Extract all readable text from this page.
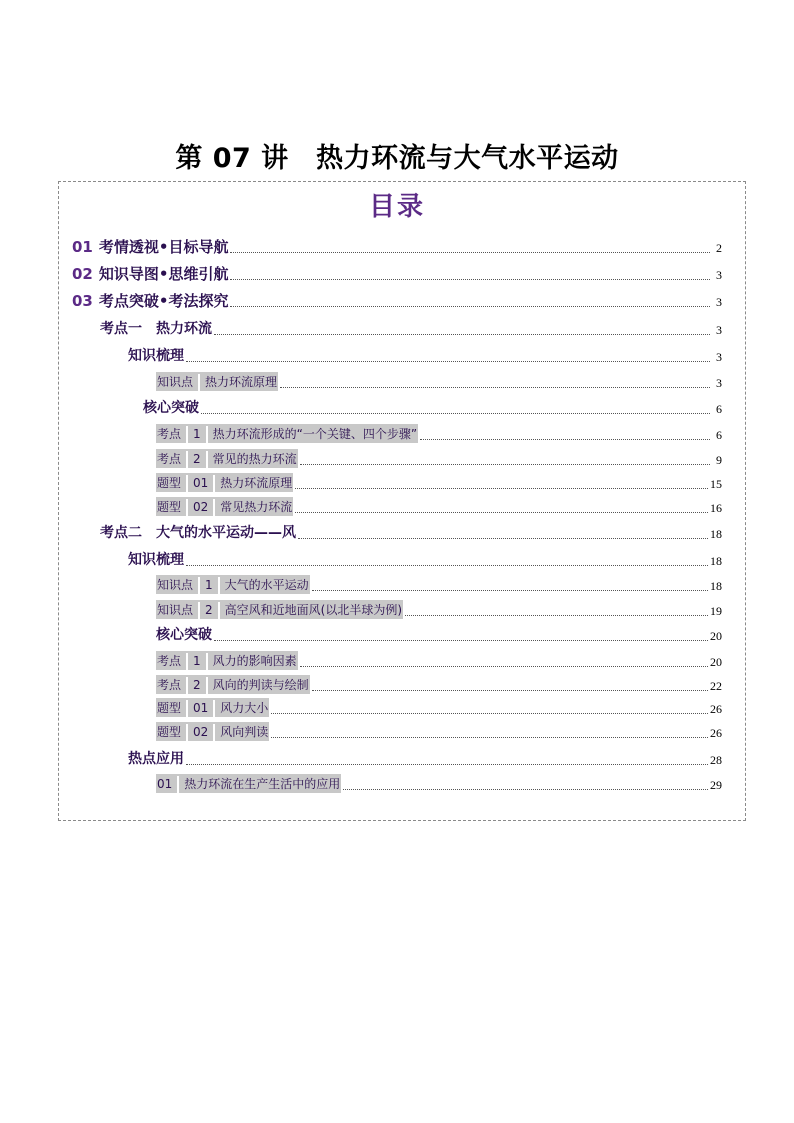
第 07 讲　热力环流与大气水平运动
目录
01 考情透视•目标导航	2
02 知识导图•思维引航	3
03 考点突破•考法探究	3
考点一　热力环流	3
知识梳理	3
知识点 热力环流原理	3
核心突破	6
考点 1 热力环流形成的“一个关键、四个步骤”	6
考点 2 常见的热力环流	9
题型 01 热力环流原理	15
题型 02 常见热力环流	16
考点二　大气的水平运动——风	18
知识梳理	18
知识点 1 大气的水平运动	18
知识点 2 高空风和近地面风(以北半球为例)	19
核心突破	20
考点 1 风力的影响因素	20
考点 2 风向的判读与绘制	22
题型 01 风力大小	26
题型 02 风向判读	26
热点应用	28
01 热力环流在生产生活中的应用	29
